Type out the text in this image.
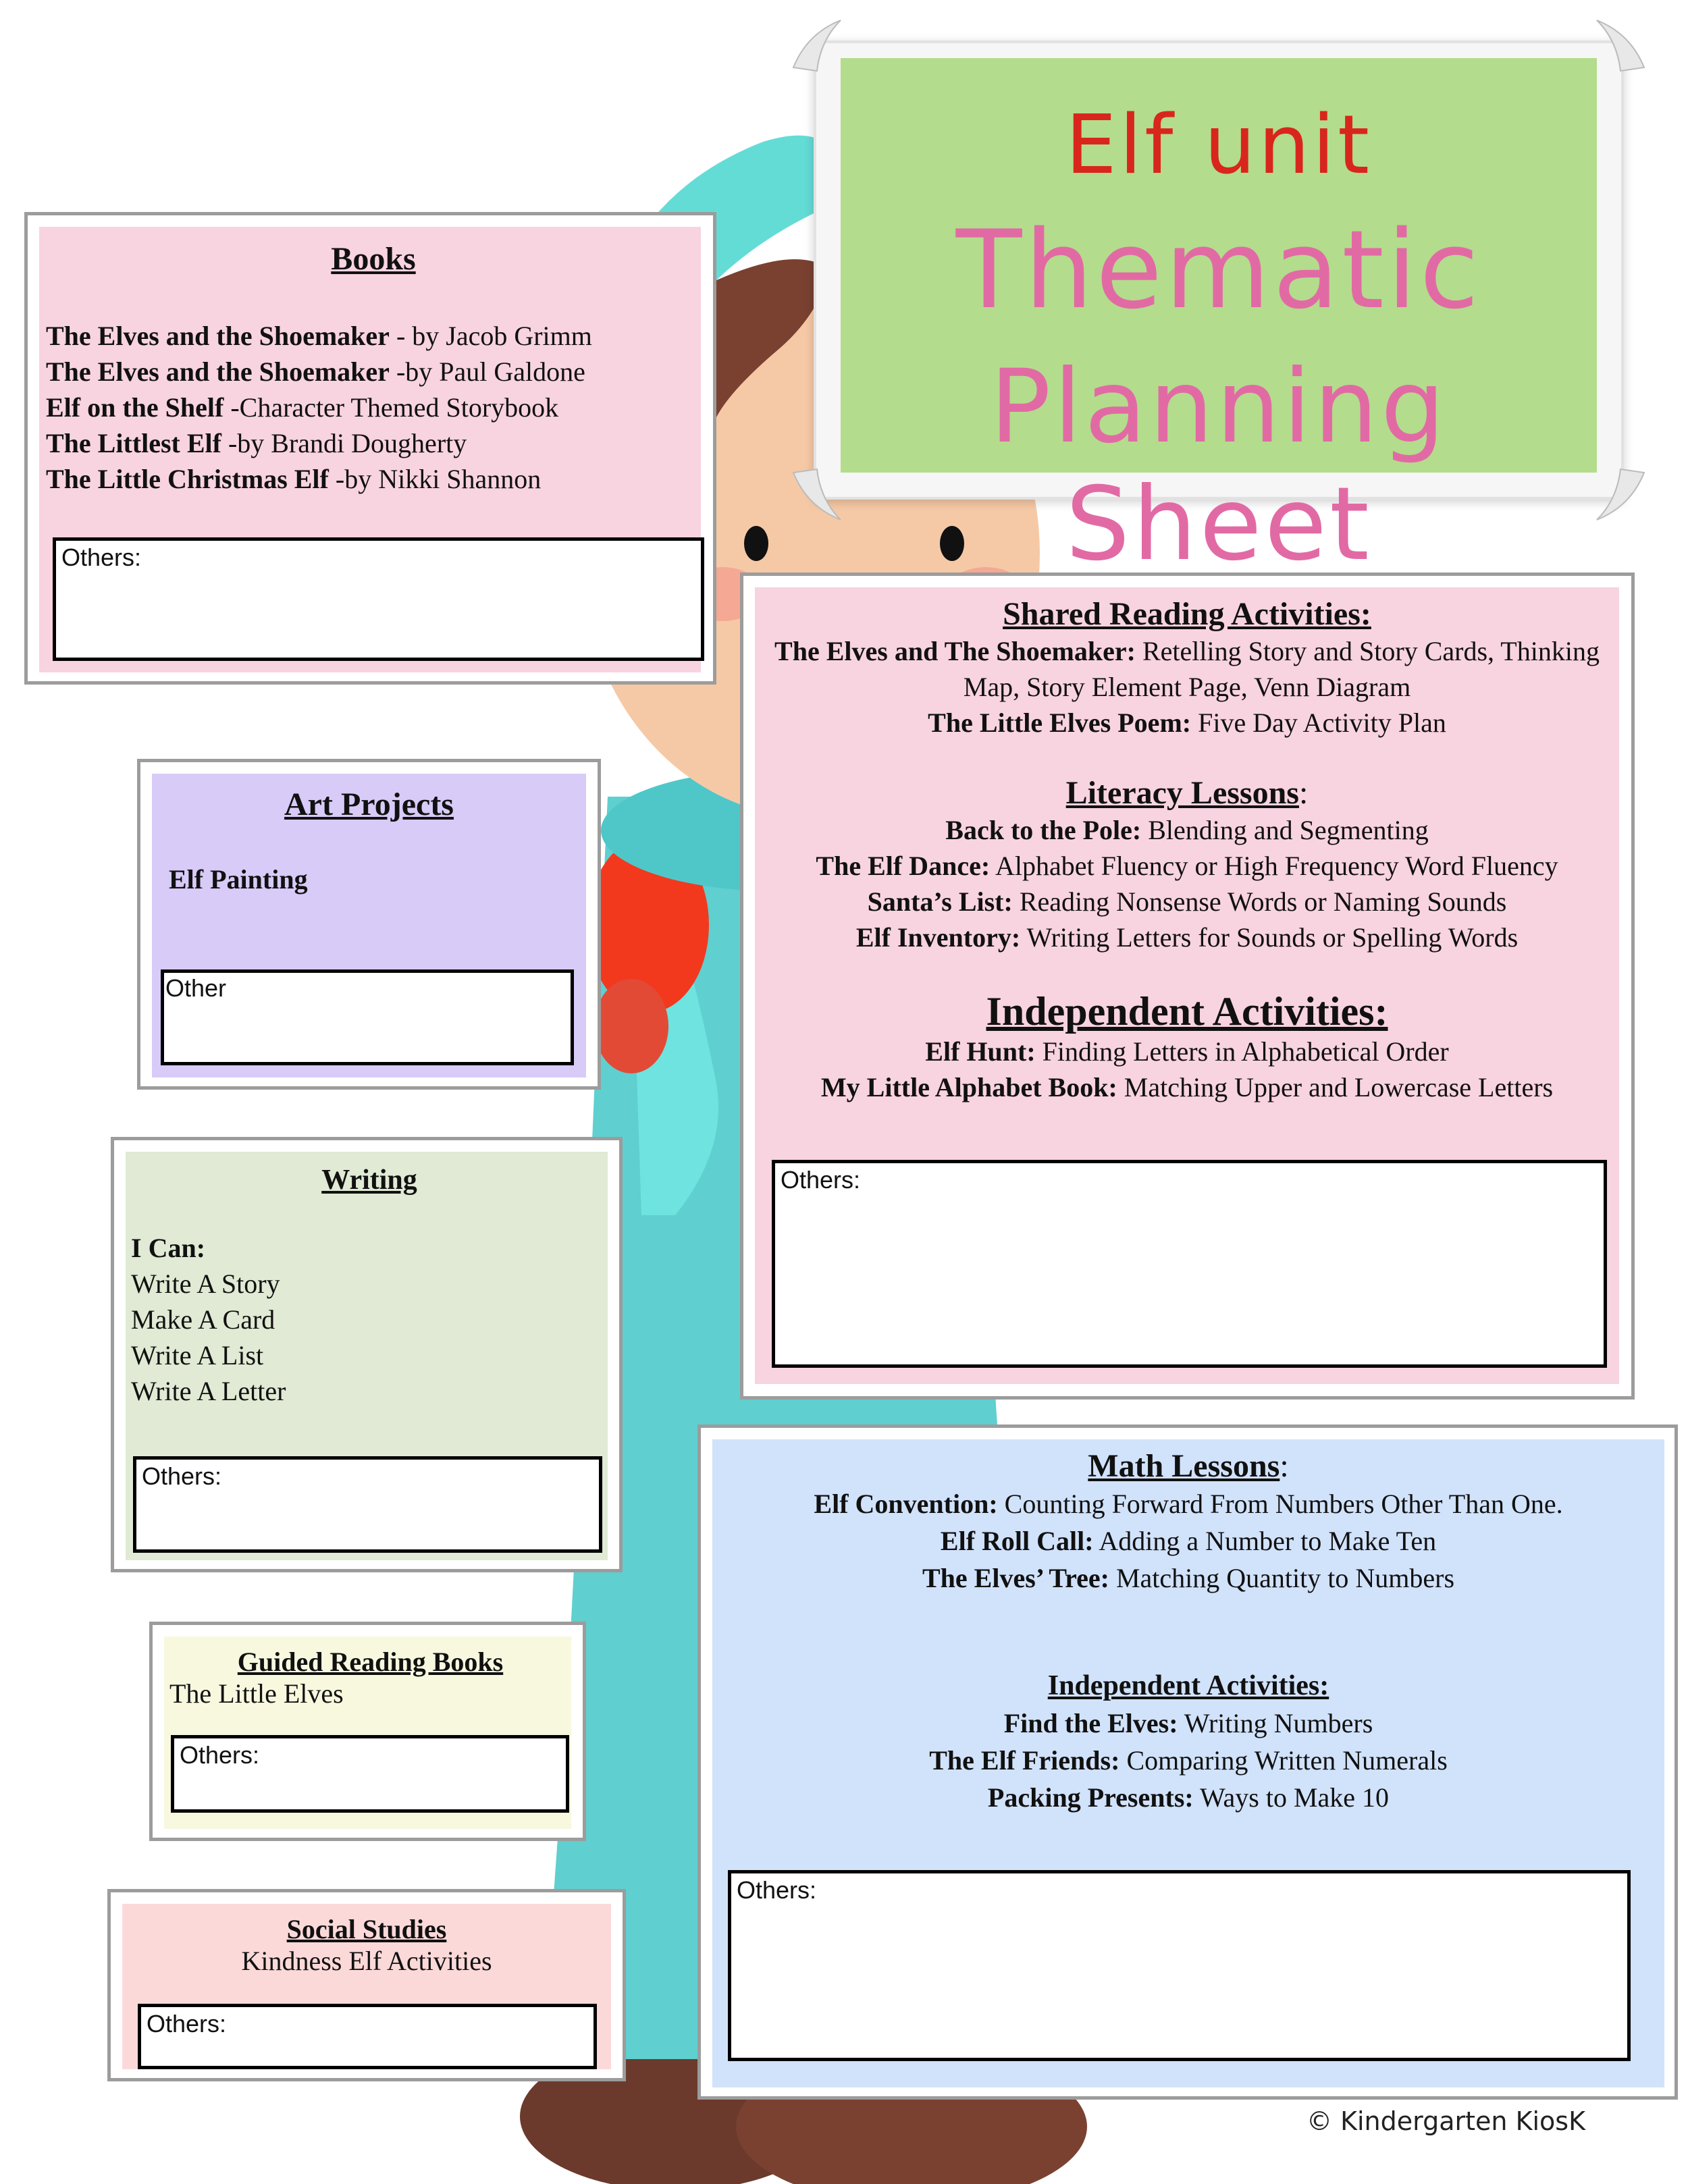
Elf unit
Thematic
Planning Sheet

Books

The Elves and the Shoemaker - by Jacob Grimm

The Elves and the Shoemaker -by Paul Galdone

Elf on the Shelf -Character Themed Storybook

The Littlest Elf -by Brandi Dougherty

The Little Christmas Elf -by Nikki Shannon

Others:

Art Projects

Elf Painting

Other

Writing

I Can:

Write A Story

Make A Card

Write A List

Write A Letter

Others:

Guided Reading Books

The Little Elves

Others:

Social Studies

Kindness Elf Activities

Others:

Shared Reading Activities:

The Elves and The Shoemaker: Retelling Story and Story Cards, Thinking

Map, Story Element Page, Venn Diagram

The Little Elves Poem: Five Day Activity Plan

Literacy Lessons:

Back to the Pole: Blending and Segmenting

The Elf Dance: Alphabet Fluency or High Frequency Word Fluency

Santa’s List: Reading Nonsense Words or Naming Sounds

Elf Inventory: Writing Letters for Sounds or Spelling Words

Independent Activities:

Elf Hunt: Finding Letters in Alphabetical Order

My Little Alphabet Book: Matching Upper and Lowercase Letters

Others:

Math Lessons:

Elf Convention: Counting Forward From Numbers Other Than One.

Elf Roll Call: Adding a Number to Make Ten

The Elves’ Tree: Matching Quantity to Numbers

Independent Activities:

Find the Elves: Writing Numbers

The Elf Friends: Comparing Written Numerals

Packing Presents: Ways to Make 10

Others:
© Kindergarten KiosK
